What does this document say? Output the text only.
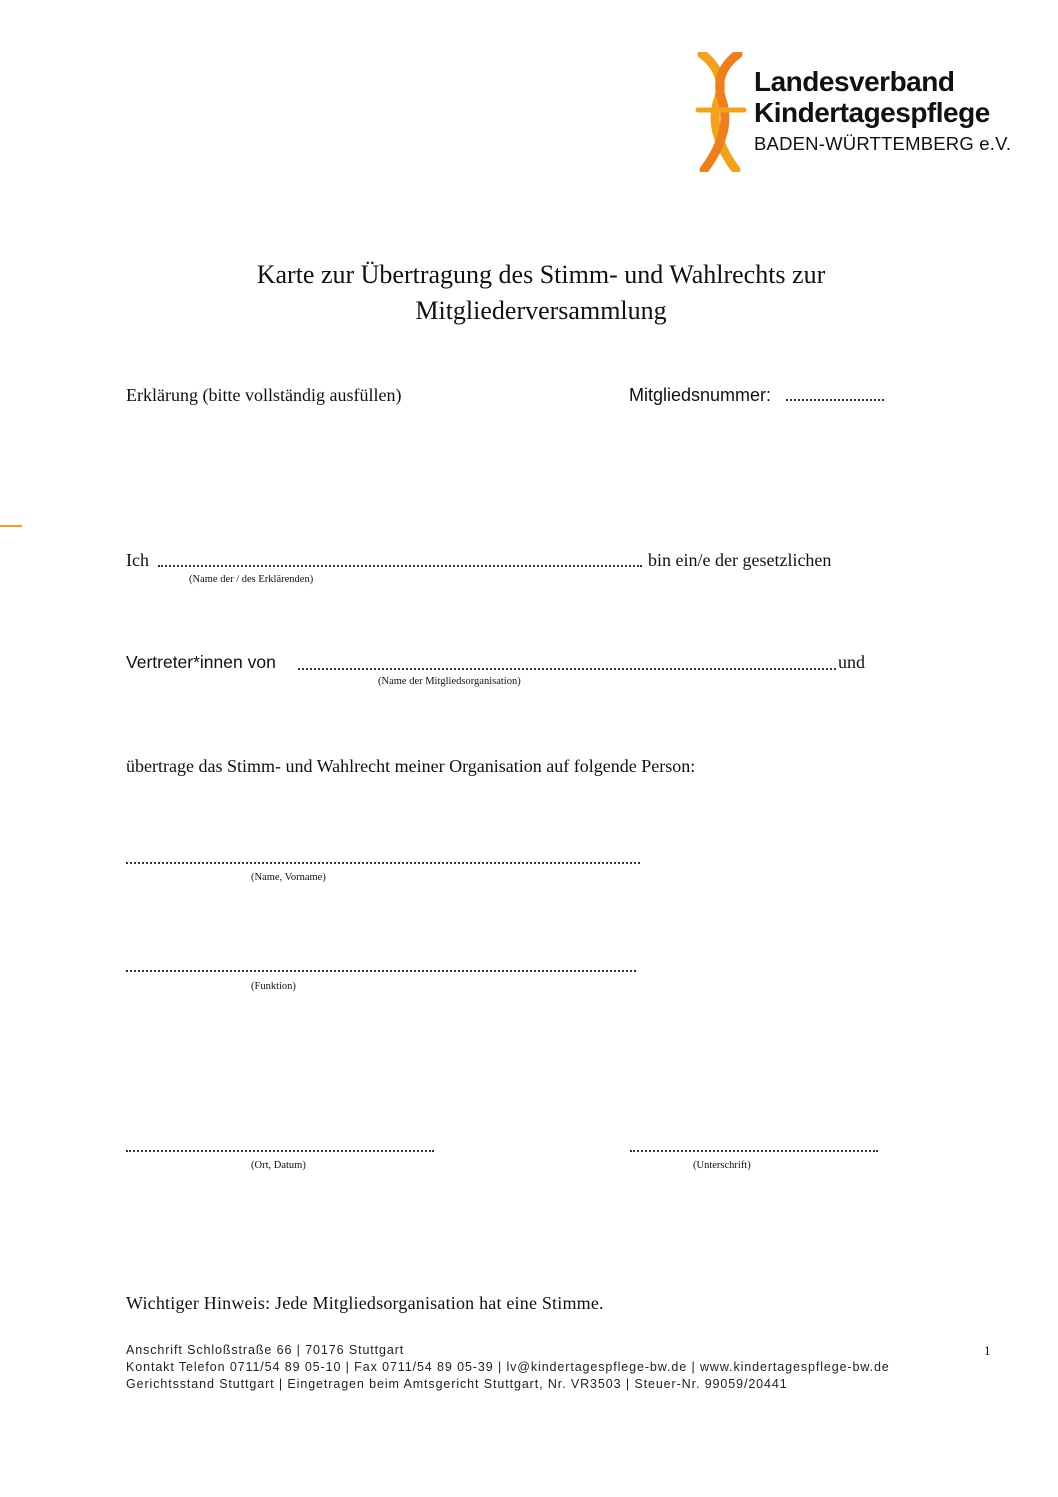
Landesverband
Kindertagespflege
BADEN-WÜRTTEMBERG e.V.
Karte zur Übertragung des Stimm- und Wahlrechts zur
Mitgliederversammlung
Erklärung (bitte vollständig ausfüllen)	Mitgliedsnummer:
Ich	bin ein/e der gesetzlichen
(Name der / des Erklärenden)
Vertreter*innen von	und
(Name der Mitgliedsorganisation)
übertrage das Stimm- und Wahlrecht meiner Organisation auf folgende Person:
(Name, Vorname)
(Funktion)
(Ort, Datum)	(Unterschrift)
Wichtiger Hinweis: Jede Mitgliedsorganisation hat eine Stimme.
Anschrift Schloßstraße 66 | 70176 Stuttgart
Kontakt Telefon 0711/54 89 05-10 | Fax 0711/54 89 05-39 | lv@kindertagespflege-bw.de | www.kindertagespflege-bw.de
Gerichtsstand Stuttgart | Eingetragen beim Amtsgericht Stuttgart, Nr. VR3503 | Steuer-Nr. 99059/20441
1
